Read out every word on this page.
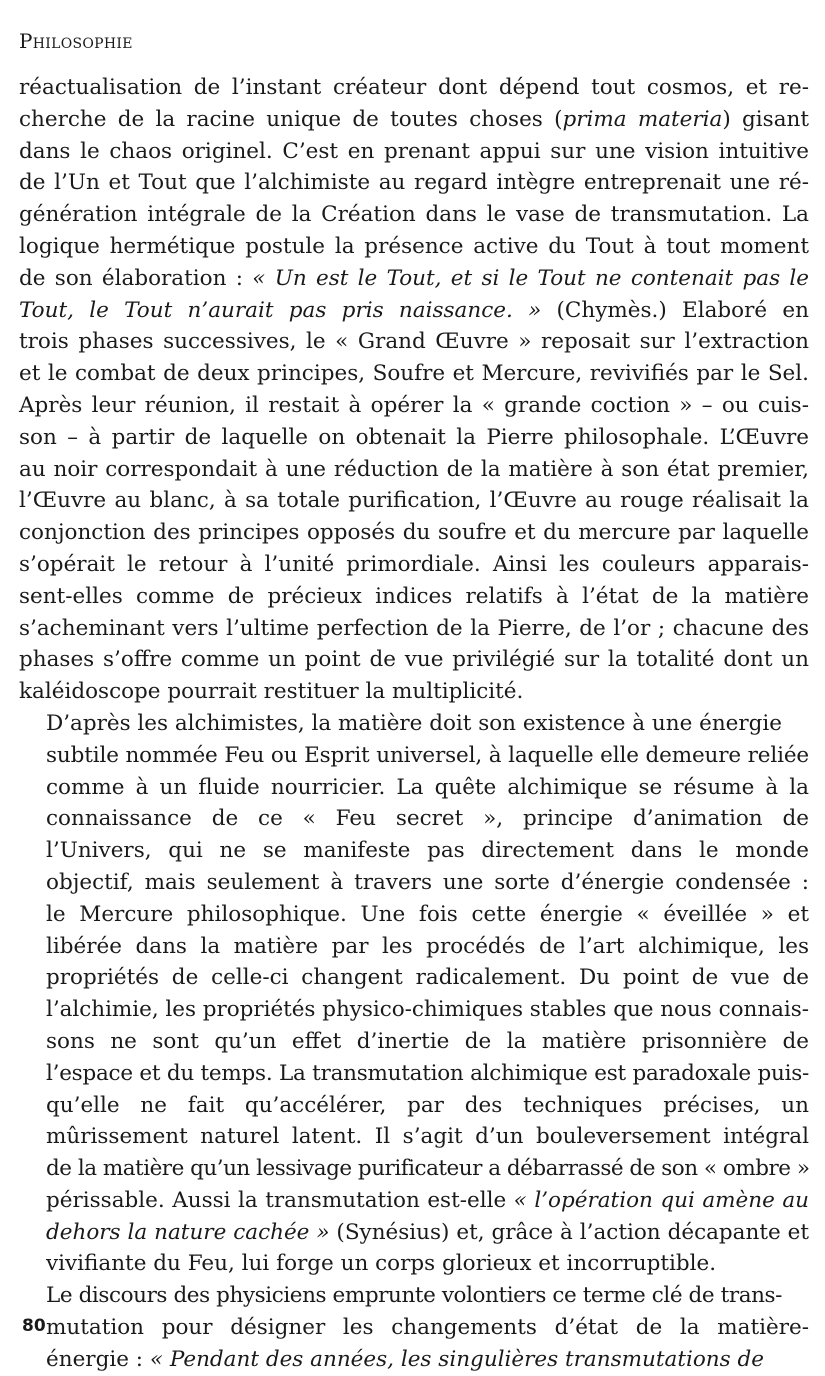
Philosophie

réactualisation de l’instant créateur dont dépend tout cosmos, et re-
cherche de la racine unique de toutes choses (prima materia) gisant
dans le chaos originel. C’est en prenant appui sur une vision intuitive
de l’Un et Tout que l’alchimiste au regard intègre entreprenait une ré-
génération intégrale de la Création dans le vase de transmutation. La
logique hermétique postule la présence active du Tout à tout moment
de son élaboration : « Un est le Tout, et si le Tout ne contenait pas le
Tout, le Tout n’aurait pas pris naissance. » (Chymès.) Elaboré en
trois phases successives, le « Grand Œuvre » reposait sur l’extraction
et le combat de deux principes, Soufre et Mercure, revivifiés par le Sel.
Après leur réunion, il restait à opérer la « grande coction » – ou cuis-
son – à partir de laquelle on obtenait la Pierre philosophale. L’Œuvre
au noir correspondait à une réduction de la matière à son état premier,
l’Œuvre au blanc, à sa totale purification, l’Œuvre au rouge réalisait la
conjonction des principes opposés du soufre et du mercure par laquelle
s’opérait le retour à l’unité primordiale. Ainsi les couleurs apparais-
sent-elles comme de précieux indices relatifs à l’état de la matière
s’acheminant vers l’ultime perfection de la Pierre, de l’or ; chacune des
phases s’offre comme un point de vue privilégié sur la totalité dont un
kaléidoscope pourrait restituer la multiplicité.

D’après les alchimistes, la matière doit son existence à une énergie
subtile nommée Feu ou Esprit universel, à laquelle elle demeure reliée
comme à un fluide nourricier. La quête alchimique se résume à la
connaissance de ce « Feu secret », principe d’animation de
l’Univers, qui ne se manifeste pas directement dans le monde
objectif, mais seulement à travers une sorte d’énergie condensée :
le Mercure philosophique. Une fois cette énergie « éveillée » et
libérée dans la matière par les procédés de l’art alchimique, les
propriétés de celle-ci changent radicalement. Du point de vue de
l’alchimie, les propriétés physico-chimiques stables que nous connais-
sons ne sont qu’un effet d’inertie de la matière prisonnière de
l’espace et du temps. La transmutation alchimique est paradoxale puis-
qu’elle ne fait qu’accélérer, par des techniques précises, un
mûrissement naturel latent. Il s’agit d’un bouleversement intégral
de la matière qu’un lessivage purificateur a débarrassé de son « ombre »
périssable. Aussi la transmutation est-elle « l’opération qui amène au
dehors la nature cachée » (Synésius) et, grâce à l’action décapante et
vivifiante du Feu, lui forge un corps glorieux et incorruptible.

Le discours des physiciens emprunte volontiers ce terme clé de trans-
mutation pour désigner les changements d’état de la matière-
énergie : « Pendant des années, les singulières transmutations de

80
